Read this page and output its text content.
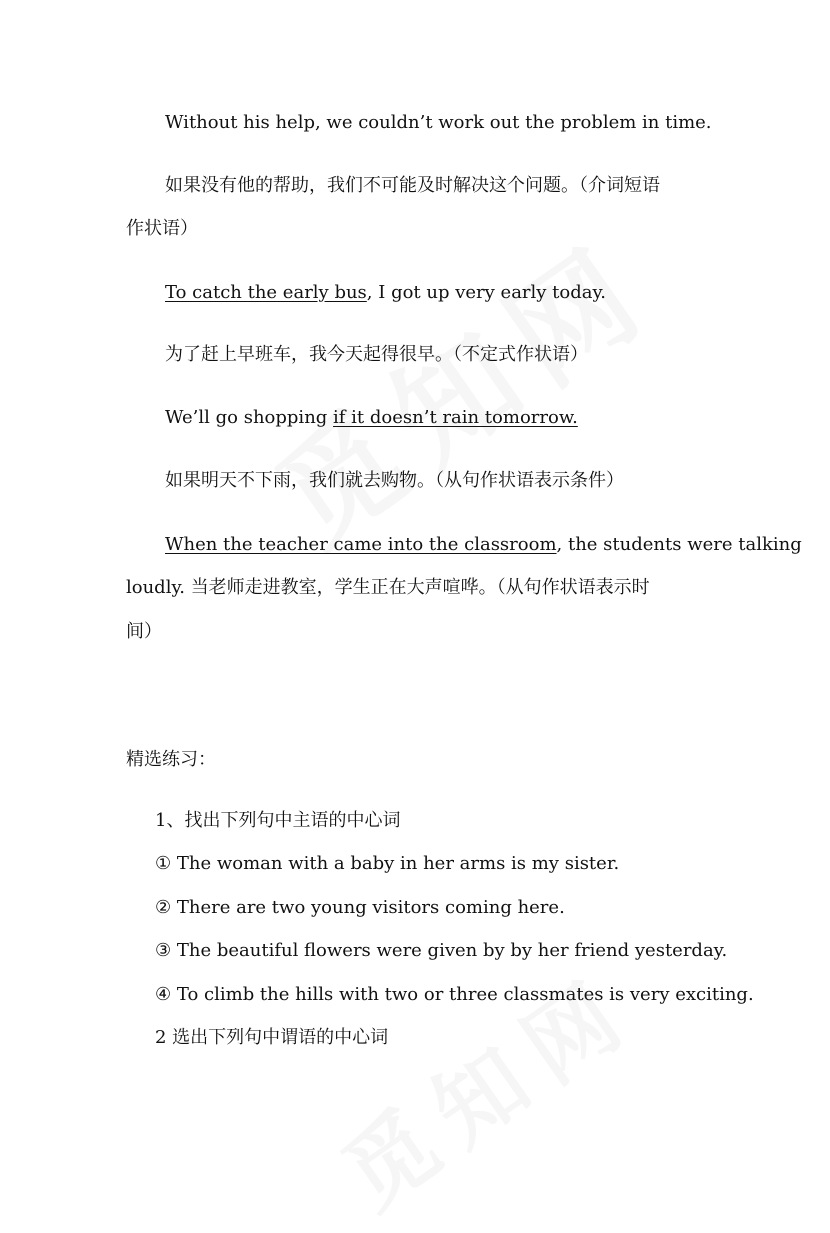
Without his help, we couldn’t work out the problem in time.
如果没有他的帮助，我们不可能及时解决这个问题。（介词短语
作状语）
To catch the early bus, I got up very early today.
为了赶上早班车，我今天起得很早。（不定式作状语）
We’ll go shopping if it doesn’t rain tomorrow.
如果明天不下雨，我们就去购物。（从句作状语表示条件）
When the teacher came into the classroom, the students were talking
loudly. 当老师走进教室，学生正在大声喧哗。（从句作状语表示时
间）
精选练习：
1、找出下列句中主语的中心词
① The woman with a baby in her arms is my sister.
② There are two young visitors coming here.
③ The beautiful flowers were given by by her friend yesterday.
④ To climb the hills with two or three classmates is very exciting.
2 选出下列句中谓语的中心词
